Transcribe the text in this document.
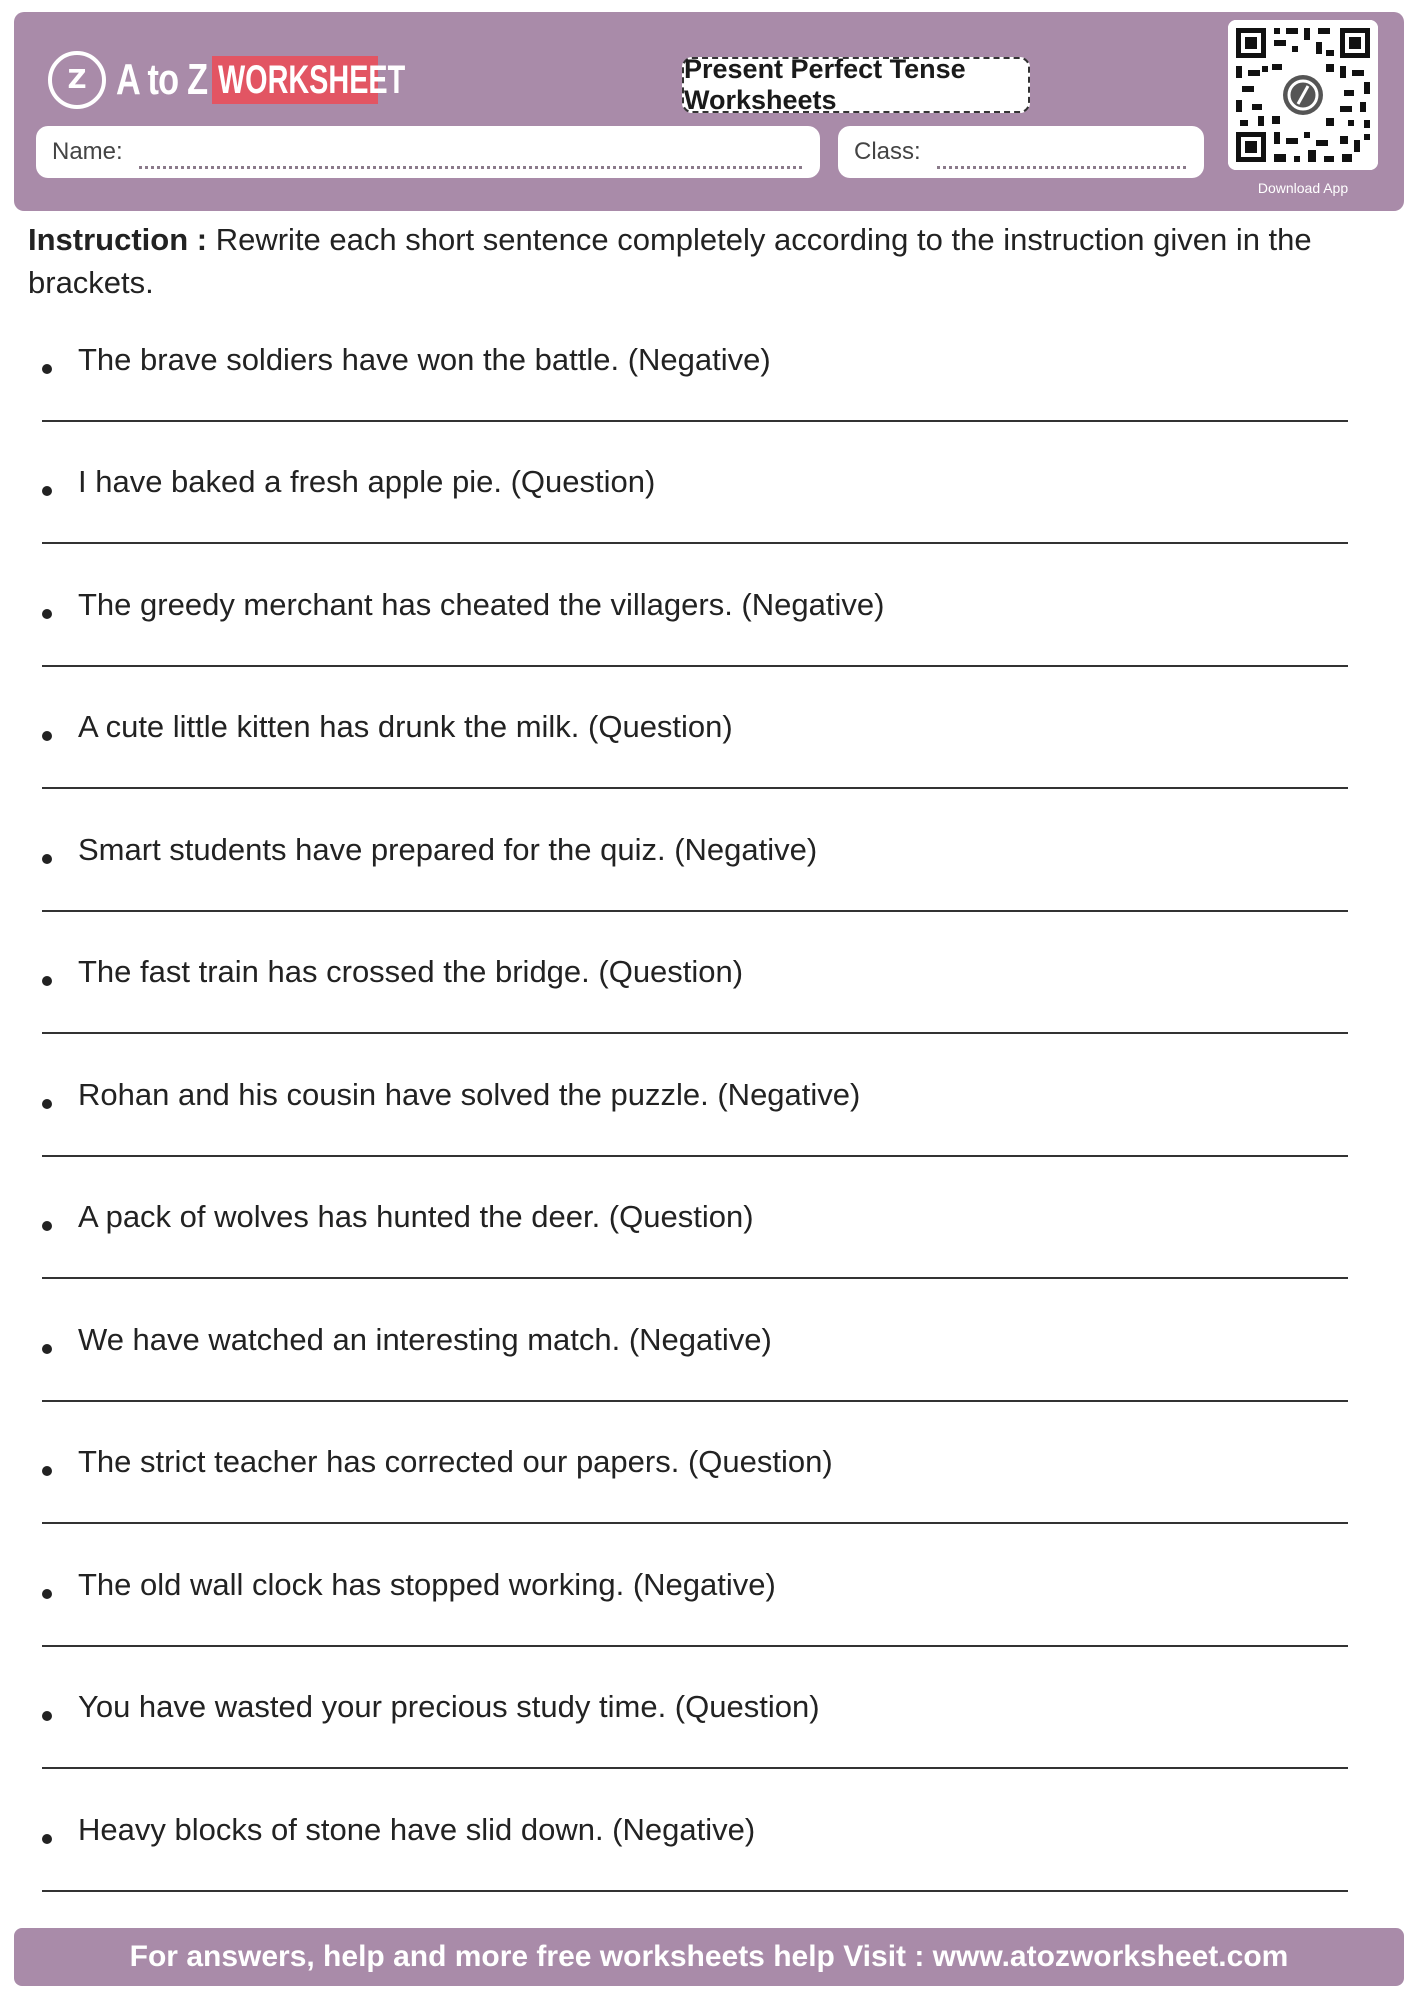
Z A to Z WORKSHEET	Present Perfect Tense Worksheets
Name:	Class:
Download App
Instruction : Rewrite each short sentence completely according to the instruction given in the brackets.
The brave soldiers have won the battle. (Negative)
I have baked a fresh apple pie. (Question)
The greedy merchant has cheated the villagers. (Negative)
A cute little kitten has drunk the milk. (Question)
Smart students have prepared for the quiz. (Negative)
The fast train has crossed the bridge. (Question)
Rohan and his cousin have solved the puzzle. (Negative)
A pack of wolves has hunted the deer. (Question)
We have watched an interesting match. (Negative)
The strict teacher has corrected our papers. (Question)
The old wall clock has stopped working. (Negative)
You have wasted your precious study time. (Question)
Heavy blocks of stone have slid down. (Negative)
For answers, help and more free worksheets help Visit : www.atozworksheet.com
